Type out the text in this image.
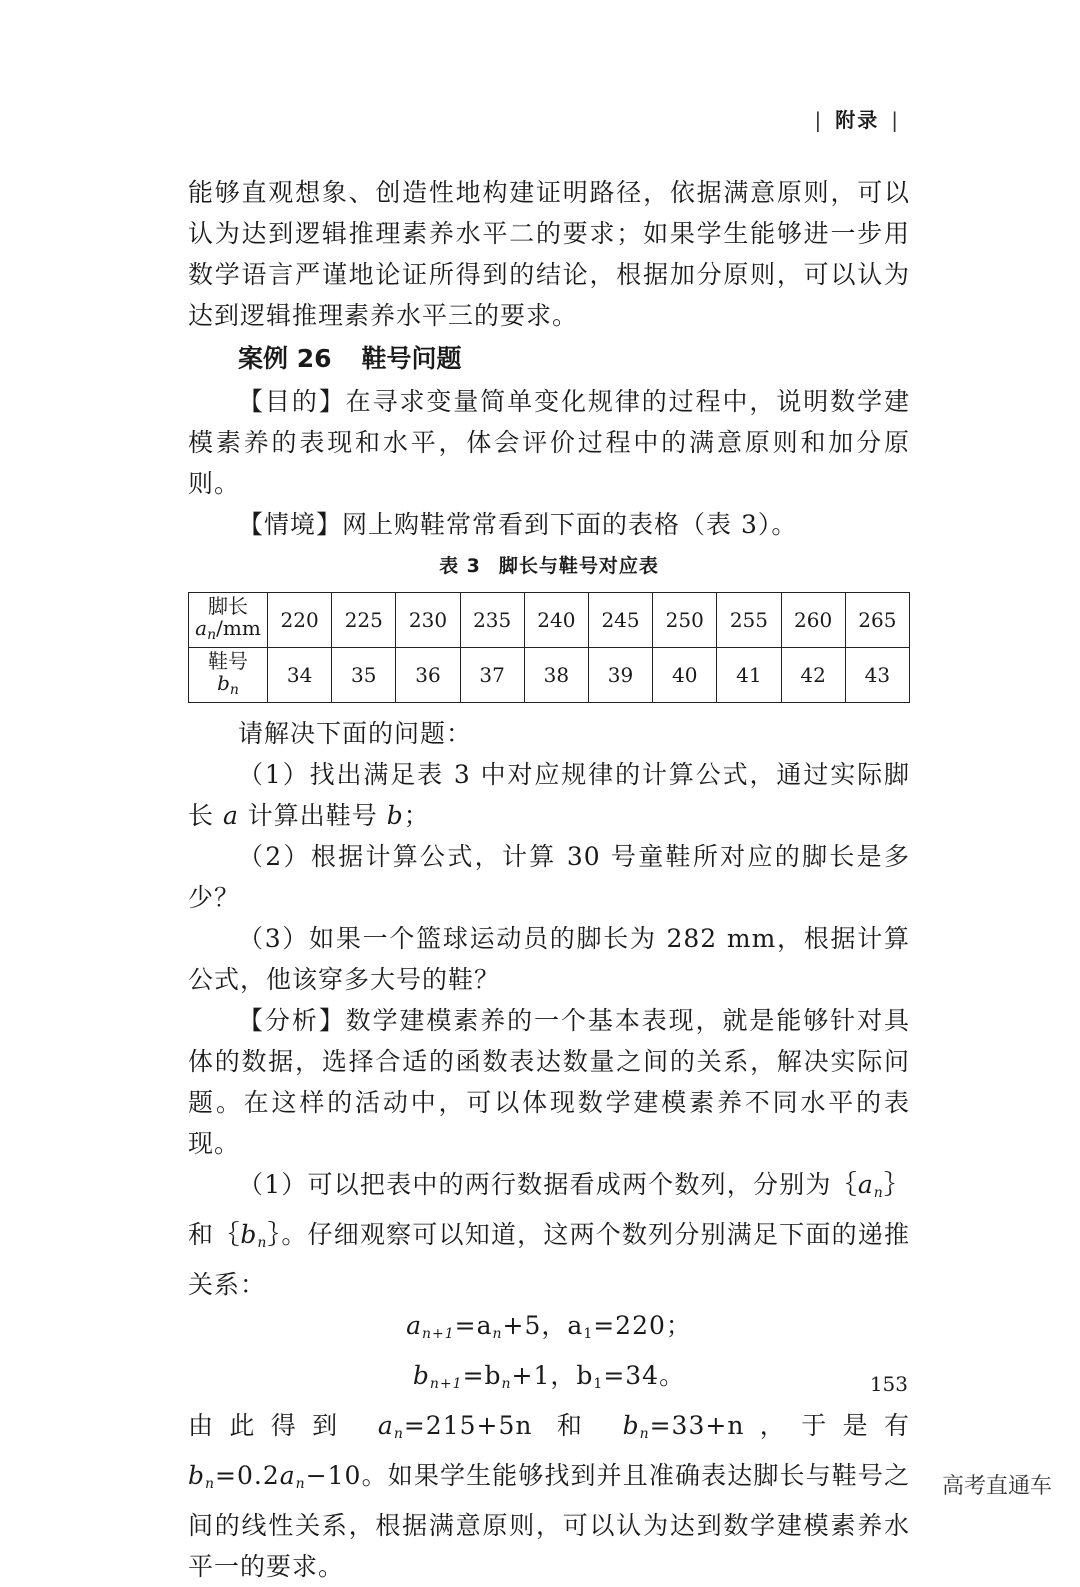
| 附录 |

能够直观想象、创造性地构建证明路径，依据满意原则，可以认为达到逻辑推理素养水平二的要求；如果学生能够进一步用数学语言严谨地论证所得到的结论，根据加分原则，可以认为达到逻辑推理素养水平三的要求。

案例 26 鞋号问题

【目的】在寻求变量简单变化规律的过程中，说明数学建模素养的表现和水平，体会评价过程中的满意原则和加分原则。

【情境】网上购鞋常常看到下面的表格（表 3）。

表 3 脚长与鞋号对应表
脚长
$a_n/mm$	220	225	230	235	240	245	250	255	260	265
鞋号
$b_n$	34	35	36	37	38	39	40	41	42	43

请解决下面的问题：

（1）找出满足表 3 中对应规律的计算公式，通过实际脚长 a 计算出鞋号 b；

（2）根据计算公式，计算 30 号童鞋所对应的脚长是多少？

（3）如果一个篮球运动员的脚长为 282 mm，根据计算公式，他该穿多大号的鞋？

【分析】数学建模素养的一个基本表现，就是能够针对具体的数据，选择合适的函数表达数量之间的关系，解决实际问题。在这样的活动中，可以体现数学建模素养不同水平的表现。

（1）可以把表中的两行数据看成两个数列，分别为$\{a_n\}$和$\{b_n\}$。仔细观察可以知道，这两个数列分别满足下面的递推关系：

$a_{n+1}=a_n+5$，$a_1=220$；
$b_{n+1}=b_n+1$，$b_1=34$。

由此得到 $a_n=215+5n$ 和 $b_n=33+n$，于是有 $b_n=0.2a_n-10$。如果学生能够找到并且准确表达脚长与鞋号之间的线性关系，根据满意原则，可以认为达到数学建模素养水平一的要求。

153
高考直通车
